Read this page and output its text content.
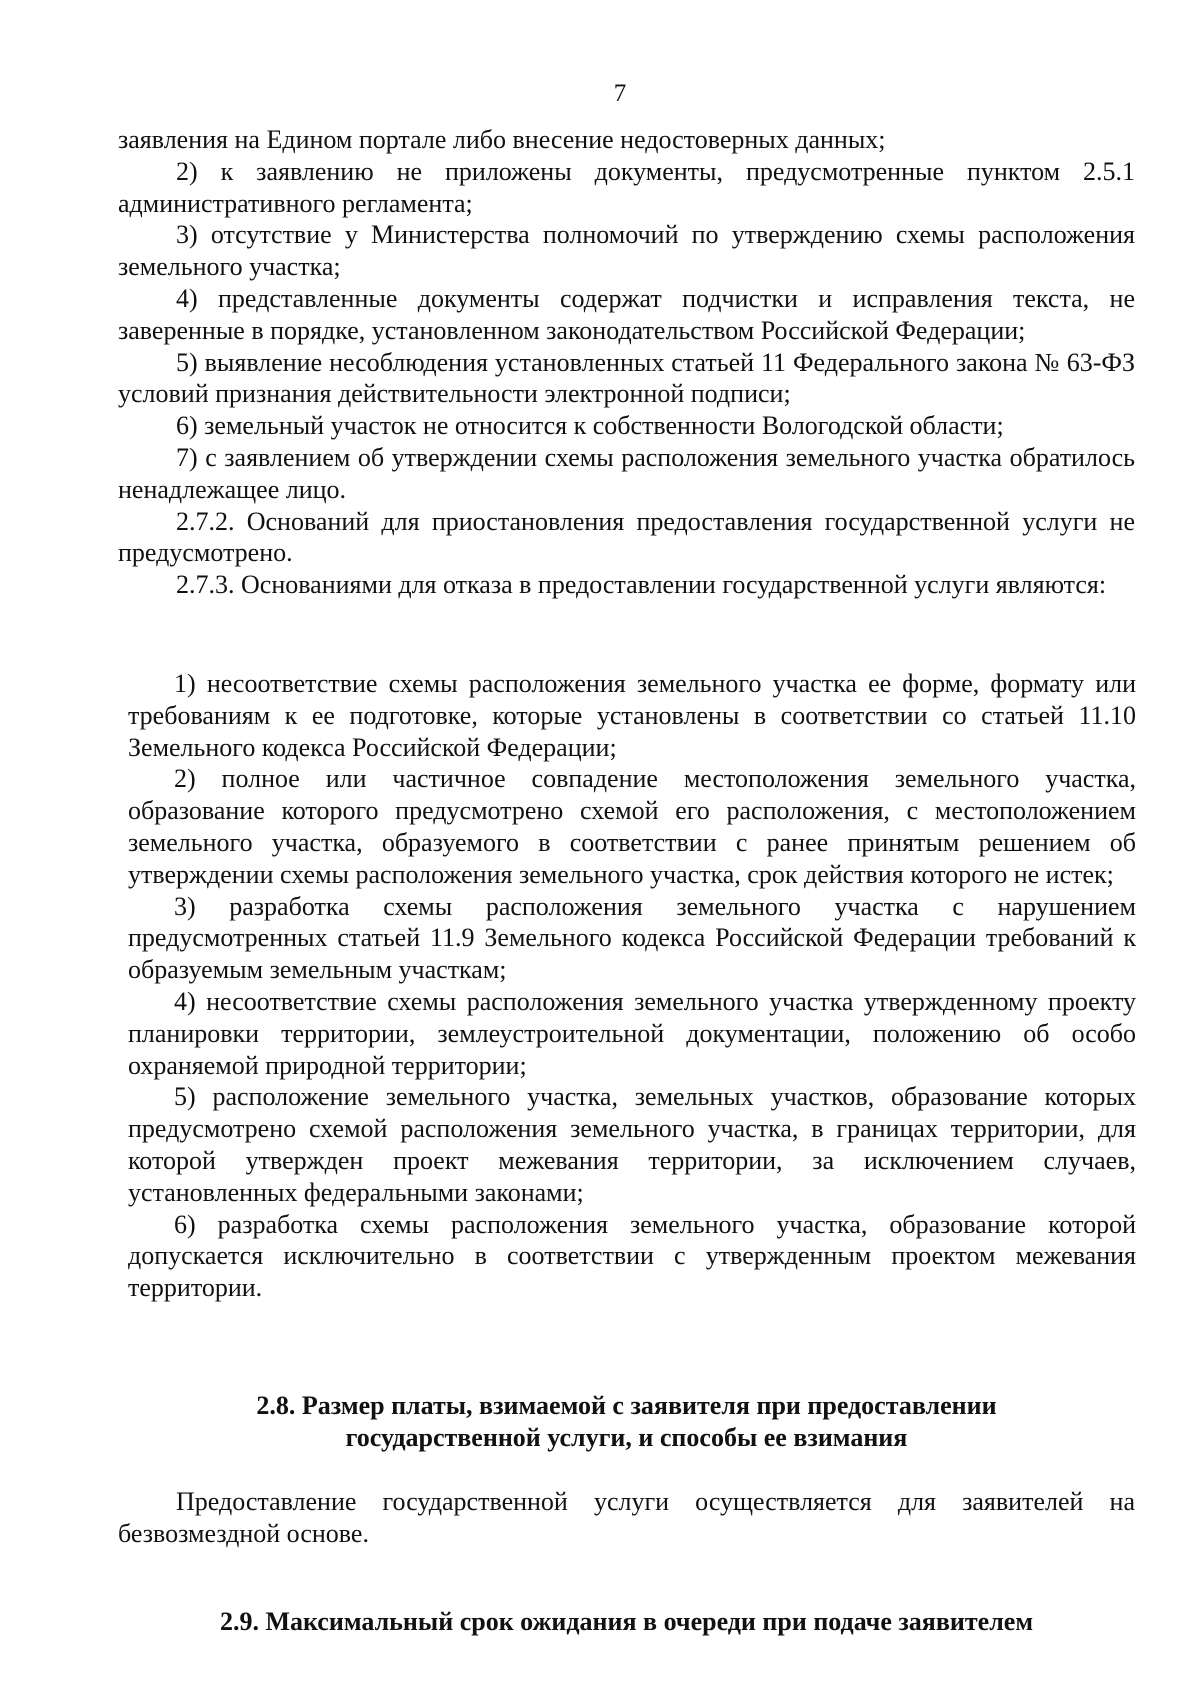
7

заявления на Едином портале либо внесение недостоверных данных;

2) к заявлению не приложены документы, предусмотренные пунктом 2.5.1 административного регламента;

3) отсутствие у Министерства полномочий по утверждению схемы расположения земельного участка;

4) представленные документы содержат подчистки и исправления текста, не заверенные в порядке, установленном законодательством Российской Федерации;

5) выявление несоблюдения установленных статьей 11 Федерального закона № 63-ФЗ условий признания действительности электронной подписи;

6) земельный участок не относится к собственности Вологодской области;

7) с заявлением об утверждении схемы расположения земельного участка обратилось ненадлежащее лицо.

2.7.2. Оснований для приостановления предоставления государственной услуги не предусмотрено.

2.7.3. Основаниями для отказа в предоставлении государственной услуги являются:

1) несоответствие схемы расположения земельного участка ее форме, формату или требованиям к ее подготовке, которые установлены в соответствии со статьей 11.10 Земельного кодекса Российской Федерации;

2) полное или частичное совпадение местоположения земельного участка, образование которого предусмотрено схемой его расположения, с местоположением земельного участка, образуемого в соответствии с ранее принятым решением об утверждении схемы расположения земельного участка, срок действия которого не истек;

3) разработка схемы расположения земельного участка с нарушением предусмотренных статьей 11.9 Земельного кодекса Российской Федерации требований к образуемым земельным участкам;

4) несоответствие схемы расположения земельного участка утвержденному проекту планировки территории, землеустроительной документации, положению об особо охраняемой природной территории;

5) расположение земельного участка, земельных участков, образование которых предусмотрено схемой расположения земельного участка, в границах территории, для которой утвержден проект межевания территории, за исключением случаев, установленных федеральными законами;

6) разработка схемы расположения земельного участка, образование которой допускается исключительно в соответствии с утвержденным проектом межевания территории.

2.8. Размер платы, взимаемой с заявителя при предоставлении
государственной услуги, и способы ее взимания

Предоставление государственной услуги осуществляется для заявителей на безвозмездной основе.

2.9. Максимальный срок ожидания в очереди при подаче заявителем
